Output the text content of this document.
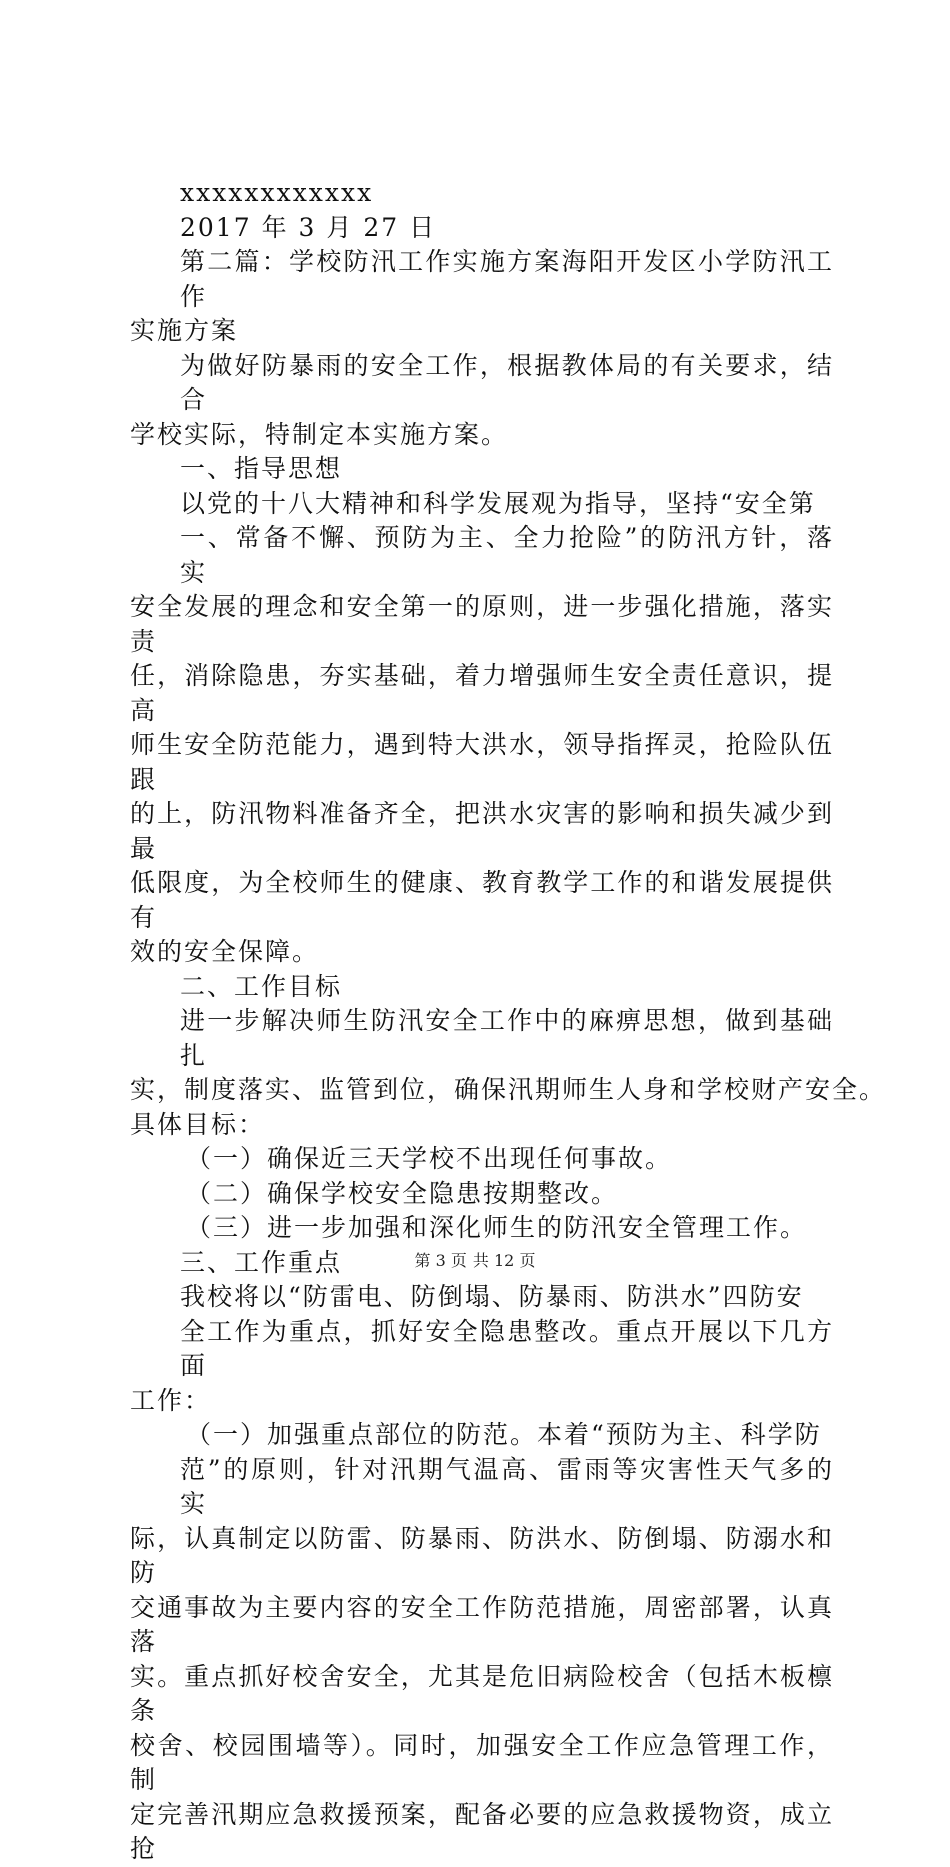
xxxxxxxxxxxx
2017 年 3 月 27 日
第二篇：学校防汛工作实施方案海阳开发区小学防汛工作
实施方案
为做好防暴雨的安全工作，根据教体局的有关要求，结合
学校实际，特制定本实施方案。
一、指导思想
以党的十八大精神和科学发展观为指导，坚持“安全第
一、常备不懈、预防为主、全力抢险”的防汛方针，落实
安全发展的理念和安全第一的原则，进一步强化措施，落实责
任，消除隐患，夯实基础，着力增强师生安全责任意识，提高
师生安全防范能力，遇到特大洪水，领导指挥灵，抢险队伍跟
的上，防汛物料准备齐全，把洪水灾害的影响和损失减少到最
低限度，为全校师生的健康、教育教学工作的和谐发展提供有
效的安全保障。
二、工作目标
进一步解决师生防汛安全工作中的麻痹思想，做到基础扎
实，制度落实、监管到位，确保汛期师生人身和学校财产安全。
具体目标：
（一）确保近三天学校不出现任何事故。
（二）确保学校安全隐患按期整改。
（三）进一步加强和深化师生的防汛安全管理工作。
三、工作重点
我校将以“防雷电、防倒塌、防暴雨、防洪水”四防安
全工作为重点，抓好安全隐患整改。重点开展以下几方面
工作：
（一）加强重点部位的防范。本着“预防为主、科学防
范”的原则，针对汛期气温高、雷雨等灾害性天气多的实
际，认真制定以防雷、防暴雨、防洪水、防倒塌、防溺水和防
交通事故为主要内容的安全工作防范措施，周密部署，认真落
实。重点抓好校舍安全，尤其是危旧病险校舍（包括木板檩条
校舍、校园围墙等）。同时，加强安全工作应急管理工作，制
定完善汛期应急救援预案，配备必要的应急救援物资，成立抢
第 3 页 共 12 页
